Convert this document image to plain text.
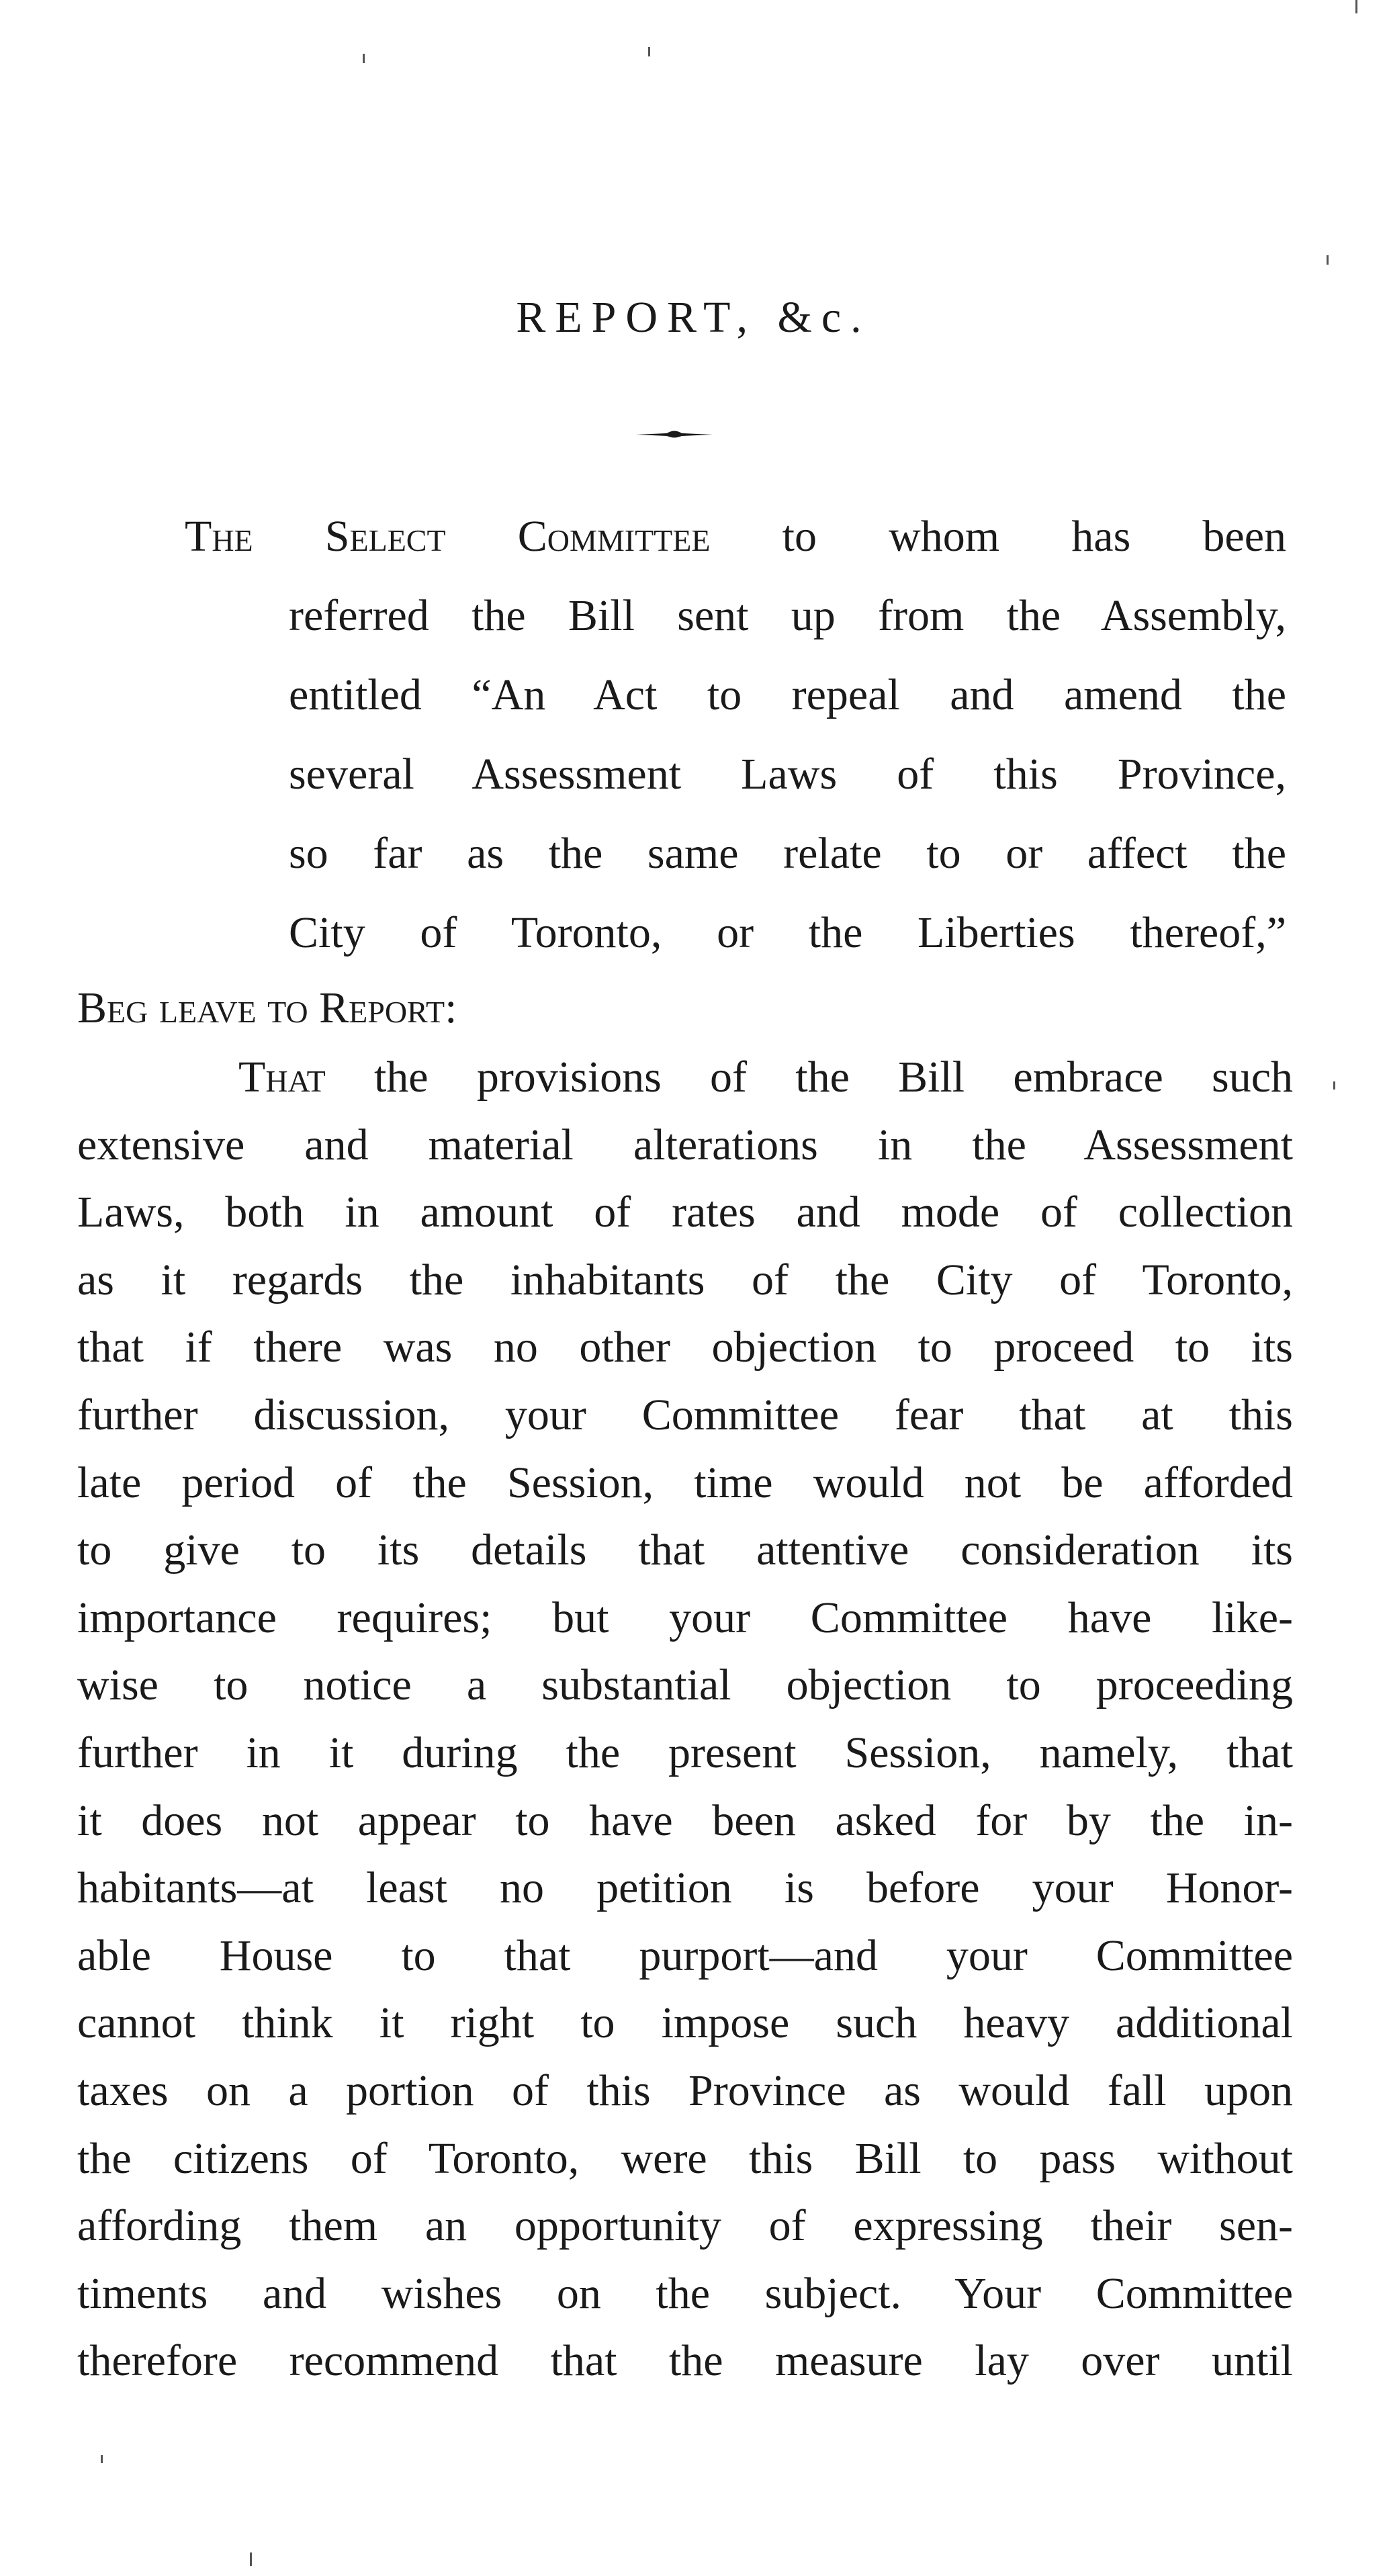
REPORT, &c.
The Select Committee to whom has been
referred the Bill sent up from the Assembly,
entitled “An Act to repeal and amend the
several Assessment Laws of this Province,
so far as the same relate to or affect the
City of Toronto, or the Liberties thereof,”
Beg leave to Report:
That the provisions of the Bill embrace such
extensive and material alterations in the Assessment
Laws, both in amount of rates and mode of collection
as it regards the inhabitants of the City of Toronto,
that if there was no other objection to proceed to its
further discussion, your Committee fear that at this
late period of the Session, time would not be afforded
to give to its details that attentive consideration its
importance requires; but your Committee have like-
wise to notice a substantial objection to proceeding
further in it during the present Session, namely, that
it does not appear to have been asked for by the in-
habitants—at least no petition is before your Honor-
able House to that purport—and your Committee
cannot think it right to impose such heavy additional
taxes on a portion of this Province as would fall upon
the citizens of Toronto, were this Bill to pass without
affording them an opportunity of expressing their sen-
timents and wishes on the subject. Your Committee
therefore recommend that the measure lay over until
